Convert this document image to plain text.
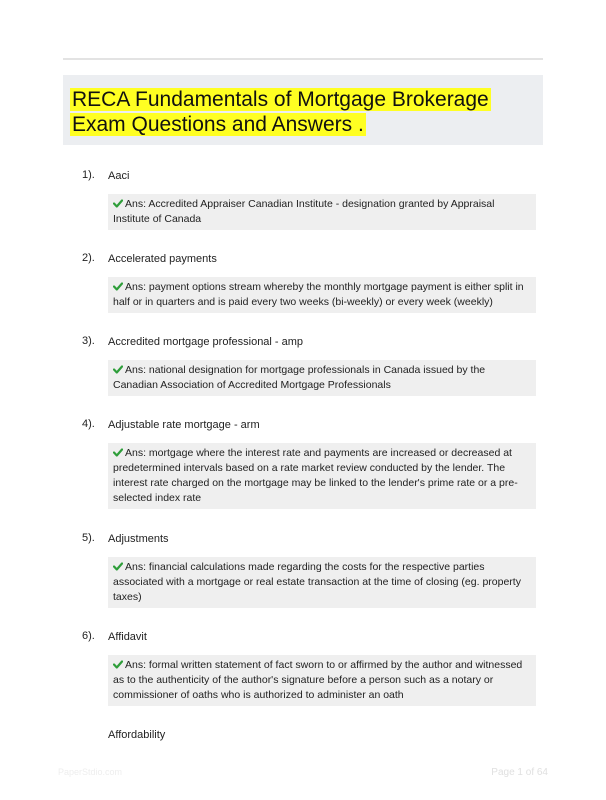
RECA Fundamentals of Mortgage Brokerage Exam Questions and Answers .
1). Aaci
Ans: Accredited Appraiser Canadian Institute - designation granted by Appraisal Institute of Canada
2). Accelerated payments
Ans: payment options stream whereby the monthly mortgage payment is either split in half or in quarters and is paid every two weeks (bi-weekly) or every week (weekly)
3). Accredited mortgage professional - amp
Ans: national designation for mortgage professionals in Canada issued by the Canadian Association of Accredited Mortgage Professionals
4). Adjustable rate mortgage - arm
Ans: mortgage where the interest rate and payments are increased or decreased at predetermined intervals based on a rate market review conducted by the lender. The interest rate charged on the mortgage may be linked to the lender's prime rate or a pre-selected index rate
5). Adjustments
Ans: financial calculations made regarding the costs for the respective parties associated with a mortgage or real estate transaction at the time of closing (eg. property taxes)
6). Affidavit
Ans: formal written statement of fact sworn to or affirmed by the author and witnessed as to the authenticity of the author's signature before a person such as a notary or commissioner of oaths who is authorized to administer an oath
Affordability
PaperStdio.com	Page 1 of 64
